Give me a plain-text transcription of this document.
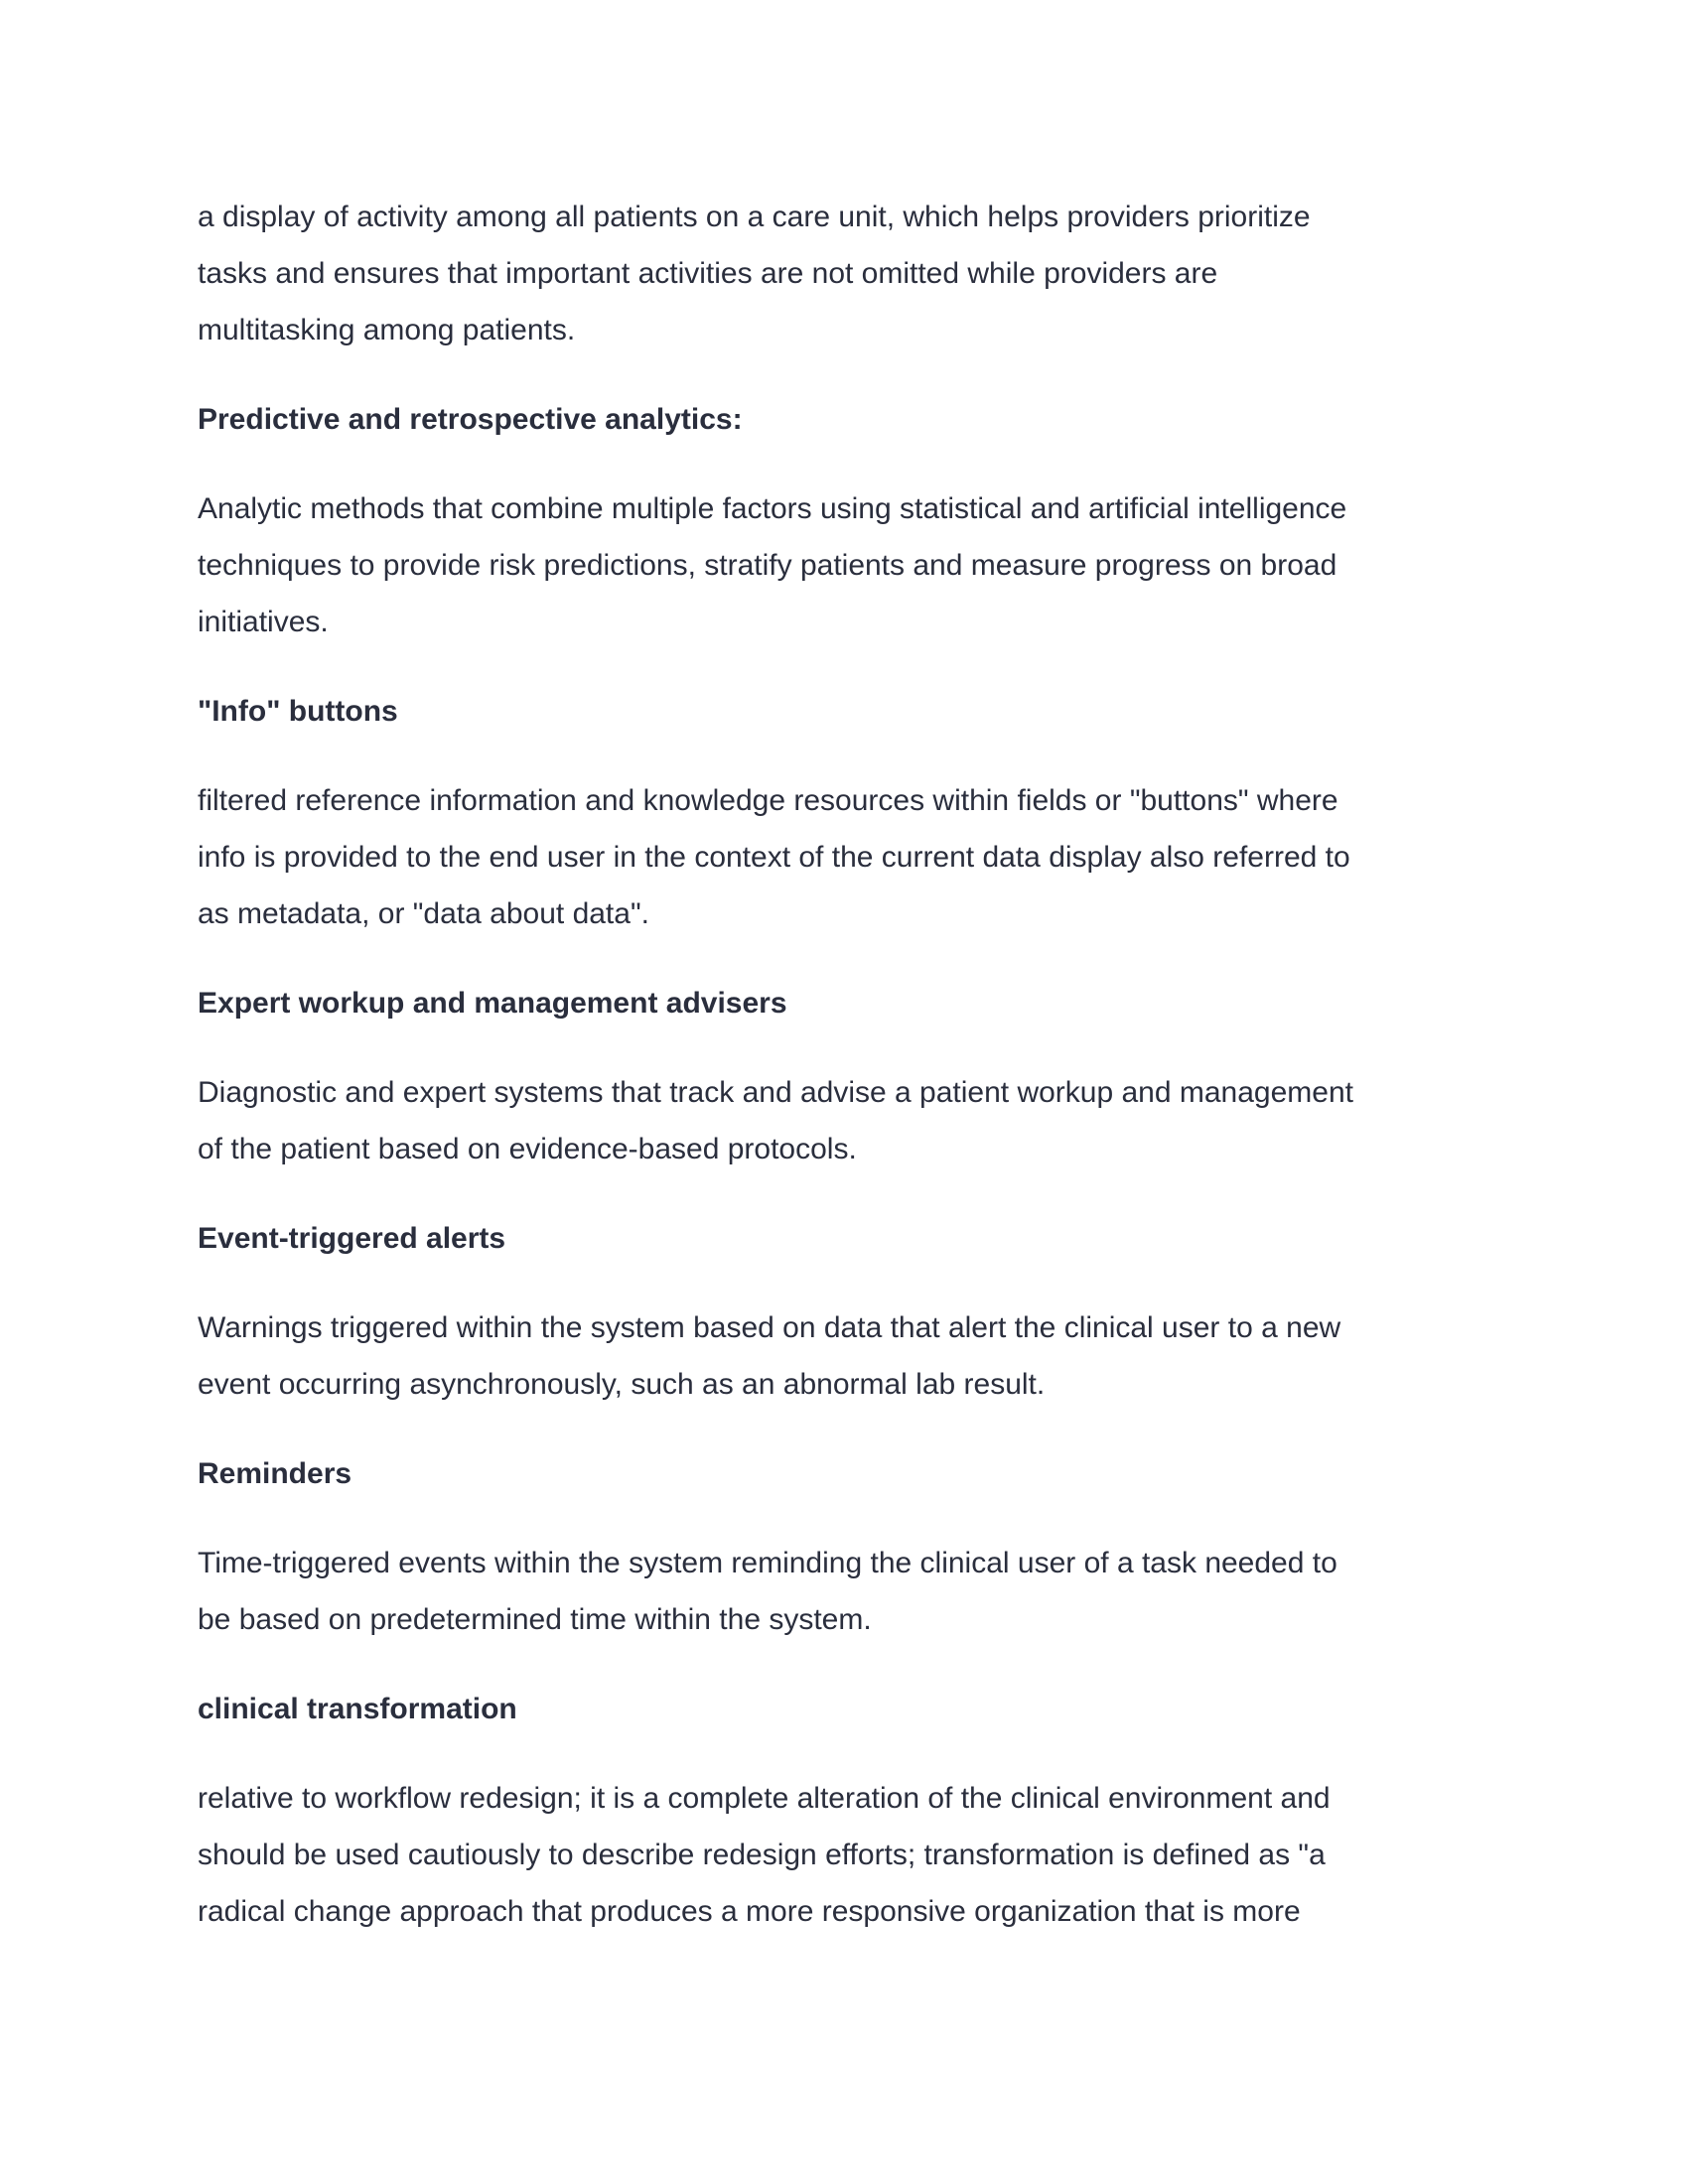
a display of activity among all patients on a care unit, which helps providers prioritize
tasks and ensures that important activities are not omitted while providers are
multitasking among patients.

Predictive and retrospective analytics:

Analytic methods that combine multiple factors using statistical and artificial intelligence
techniques to provide risk predictions, stratify patients and measure progress on broad
initiatives.

"Info" buttons

filtered reference information and knowledge resources within fields or "buttons" where
info is provided to the end user in the context of the current data display also referred to
as metadata, or "data about data".

Expert workup and management advisers

Diagnostic and expert systems that track and advise a patient workup and management
of the patient based on evidence-based protocols.

Event-triggered alerts

Warnings triggered within the system based on data that alert the clinical user to a new
event occurring asynchronously, such as an abnormal lab result.

Reminders

Time-triggered events within the system reminding the clinical user of a task needed to
be based on predetermined time within the system.

clinical transformation

relative to workflow redesign; it is a complete alteration of the clinical environment and
should be used cautiously to describe redesign efforts; transformation is defined as "a
radical change approach that produces a more responsive organization that is more
